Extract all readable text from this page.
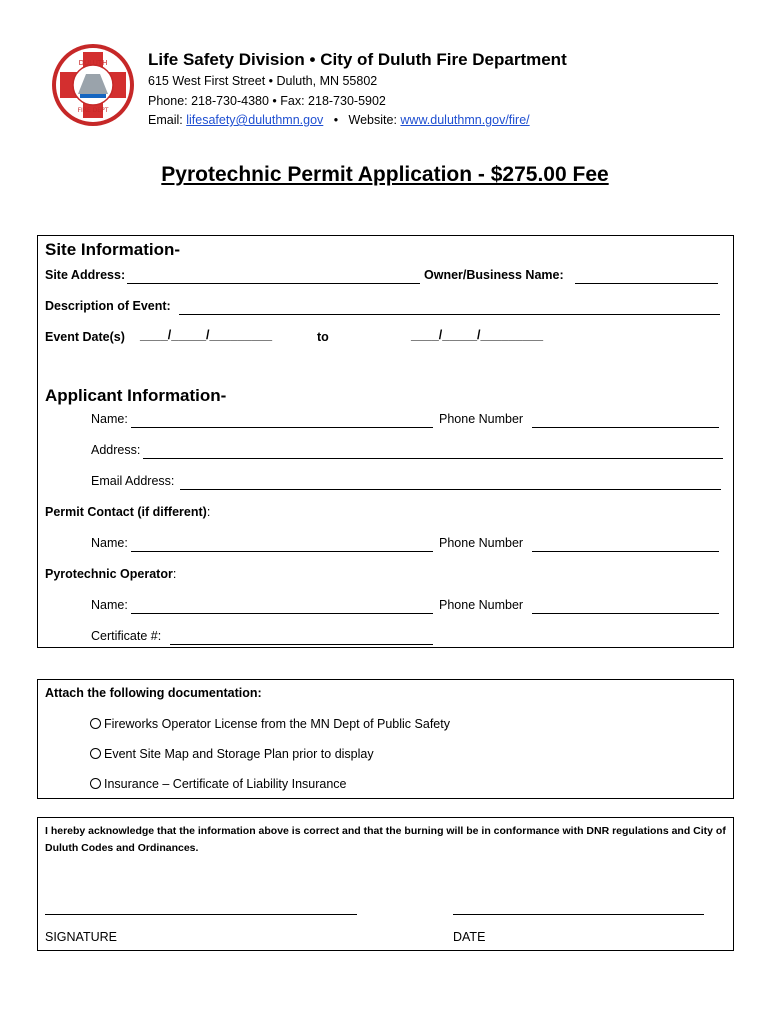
DULUTH
FIRE DEPT
Life Safety Division • City of Duluth Fire Department
615 West First Street • Duluth, MN 55802
Phone: 218-730-4380 • Fax: 218-730-5902
Email: lifesafety@duluthmn.gov   •   Website: www.duluthmn.gov/fire/
Pyrotechnic Permit Application - $275.00 Fee
Site Information-
Site Address:	Owner/Business Name:
Description of Event:
Event Date(s) ____/_____/_________	to	____/_____/_________
Applicant Information-
Name:	Phone Number
Address:
Email Address:
Permit Contact (if different):
Name:	Phone Number
Pyrotechnic Operator:
Name:	Phone Number
Certificate #:
Attach the following documentation:
Fireworks Operator License from the MN Dept of Public Safety
Event Site Map and Storage Plan prior to display
Insurance – Certificate of Liability Insurance
I hereby acknowledge that the information above is correct and that the burning will be in conformance with DNR regulations and City of Duluth Codes and Ordinances.
SIGNATURE	DATE
